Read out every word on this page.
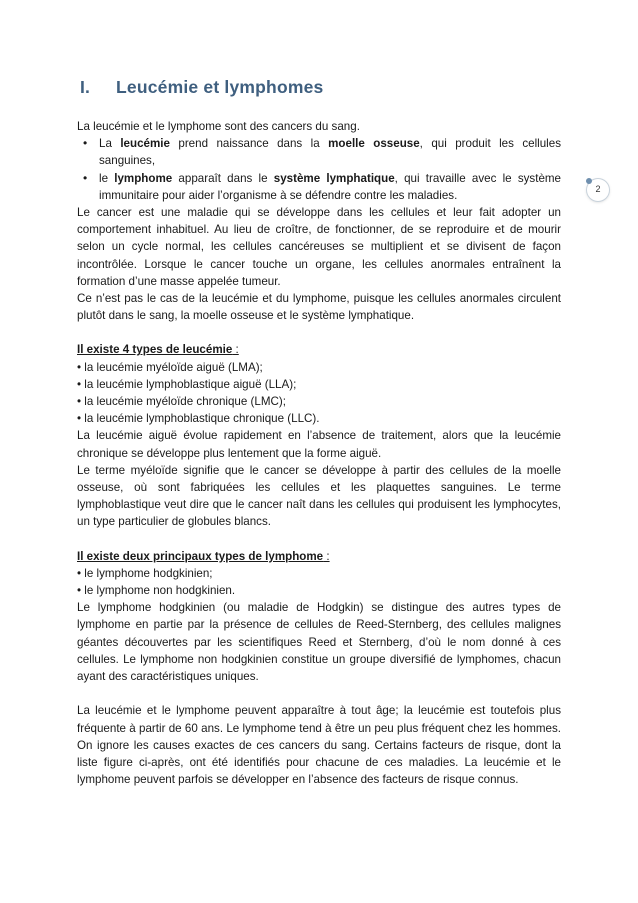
I. Leucémie et lymphomes
2

La leucémie et le lymphome sont des cancers du sang.

• La leucémie prend naissance dans la moelle osseuse, qui produit les cellules sanguines,
• le lymphome apparaît dans le système lymphatique, qui travaille avec le système immunitaire pour aider l’organisme à se défendre contre les maladies.

Le cancer est une maladie qui se développe dans les cellules et leur fait adopter un comportement inhabituel. Au lieu de croître, de fonctionner, de se reproduire et de mourir selon un cycle normal, les cellules cancéreuses se multiplient et se divisent de façon incontrôlée. Lorsque le cancer touche un organe, les cellules anormales entraînent la formation d’une masse appelée tumeur.

Ce n’est pas le cas de la leucémie et du lymphome, puisque les cellules anormales circulent plutôt dans le sang, la moelle osseuse et le système lymphatique.

Il existe 4 types de leucémie :

• la leucémie myéloïde aiguë (LMA);

• la leucémie lymphoblastique aiguë (LLA);

• la leucémie myéloïde chronique (LMC);

• la leucémie lymphoblastique chronique (LLC).

La leucémie aiguë évolue rapidement en l’absence de traitement, alors que la leucémie chronique se développe plus lentement que la forme aiguë.

Le terme myéloïde signifie que le cancer se développe à partir des cellules de la moelle osseuse, où sont fabriquées les cellules et les plaquettes sanguines. Le terme lymphoblastique veut dire que le cancer naît dans les cellules qui produisent les lymphocytes, un type particulier de globules blancs.

Il existe deux principaux types de lymphome :

• le lymphome hodgkinien;

• le lymphome non hodgkinien.

Le lymphome hodgkinien (ou maladie de Hodgkin) se distingue des autres types de lymphome en partie par la présence de cellules de Reed-Sternberg, des cellules malignes géantes découvertes par les scientifiques Reed et Sternberg, d’où le nom donné à ces cellules. Le lymphome non hodgkinien constitue un groupe diversifié de lymphomes, chacun ayant des caractéristiques uniques.

La leucémie et le lymphome peuvent apparaître à tout âge; la leucémie est toutefois plus fréquente à partir de 60 ans. Le lymphome tend à être un peu plus fréquent chez les hommes. On ignore les causes exactes de ces cancers du sang. Certains facteurs de risque, dont la liste figure ci-après, ont été identifiés pour chacune de ces maladies. La leucémie et le lymphome peuvent parfois se développer en l’absence des facteurs de risque connus.
